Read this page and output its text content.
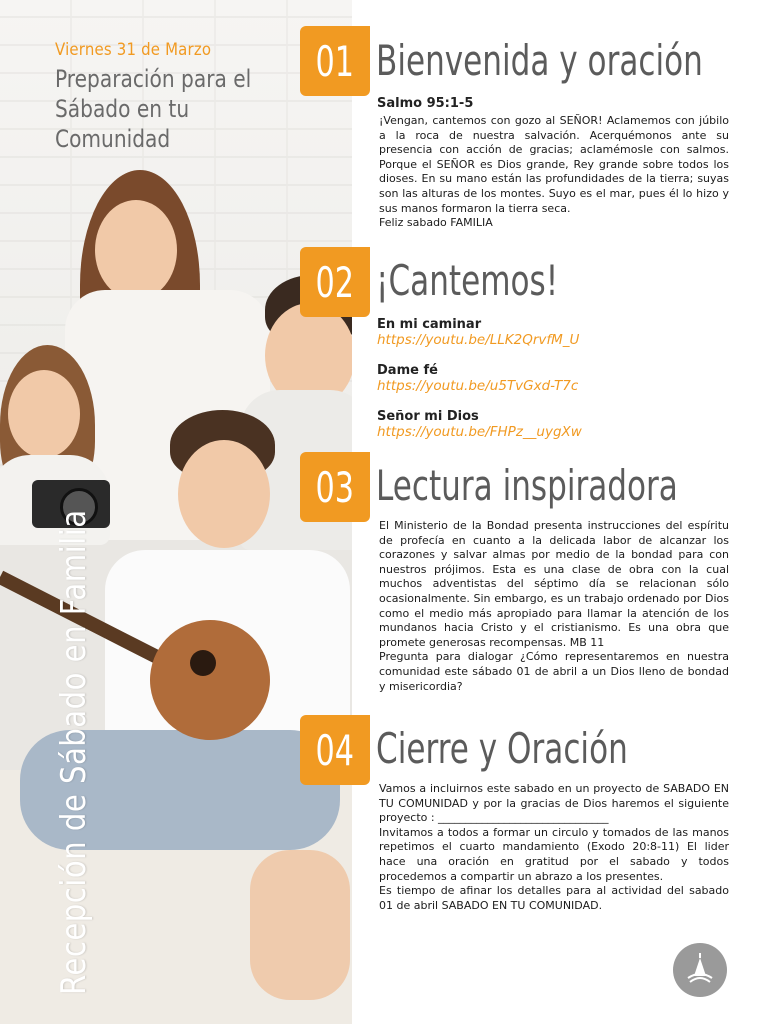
Viernes 31 de Marzo
Preparación para el
Sábado en tu Comunidad
Recepción de Sábado en Familia
01 Bienvenida y oración
Salmo 95:1-5
¡Vengan, cantemos con gozo al SEÑOR! Aclamemos con júbilo a la roca de nuestra salvación. Acerquémonos ante su presencia con acción de gracias; aclamémosle con salmos. Porque el SEÑOR es Dios grande, Rey grande sobre todos los dioses. En su mano están las profundidades de la tierra; suyas son las alturas de los montes. Suyo es el mar, pues él lo hizo y sus manos formaron la tierra seca.
Feliz sabado FAMILIA
02 ¡Cantemos!
En mi caminar
https://youtu.be/LLK2QrvfM_U
Dame fé
https://youtu.be/u5TvGxd-T7c
Señor mi Dios
https://youtu.be/FHPz__uygXw
03 Lectura inspiradora
El Ministerio de la Bondad presenta instrucciones del espíritu de profecía en cuanto a la delicada labor de alcanzar los corazones y salvar almas por medio de la bondad para con nuestros prójimos. Esta es una clase de obra con la cual muchos adventistas del séptimo día se relacionan sólo ocasionalmente. Sin embargo, es un trabajo ordenado por Dios como el medio más apropiado para llamar la atención de los mundanos hacia Cristo y el cristianismo. Es una obra que promete generosas recompensas. MB 11
Pregunta para dialogar ¿Cómo representaremos en nuestra comunidad este sábado 01 de abril a un Dios lleno de bondad y misericordia?
04 Cierre y Oración
Vamos a incluirnos este sabado en un proyecto de SABADO EN TU COMUNIDAD y por la gracias de Dios haremos el siguiente proyecto : _______________________________
Invitamos a todos a formar un circulo y tomados de las manos repetimos el cuarto mandamiento (Exodo 20:8-11) El lider hace una oración en gratitud por el sabado y todos procedemos a compartir un abrazo a los presentes.
Es tiempo de afinar los detalles para al actividad del sabado 01 de abril SABADO EN TU COMUNIDAD.
